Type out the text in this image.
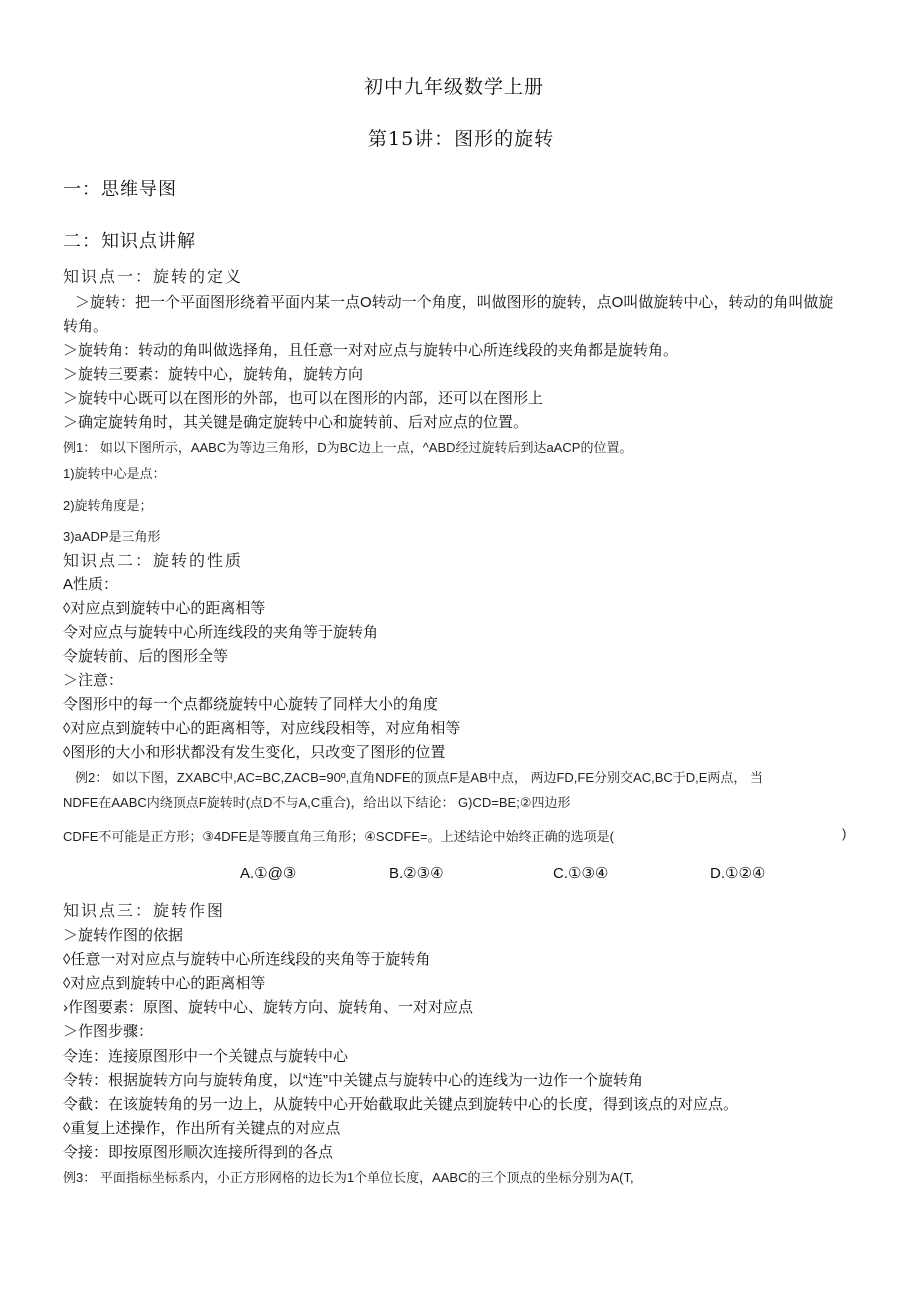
初中九年级数学上册
第15讲：图形的旋转
一：思维导图
二：知识点讲解
知识点一：旋转的定义
＞旋转：把一个平面图形绕着平面内某一点O转动一个角度，叫做图形的旋转，点O叫做旋转中心，转动的角叫做旋
转角。
＞旋转角：转动的角叫做选择角，且任意一对对应点与旋转中心所连线段的夹角都是旋转角。
＞旋转三要素：旋转中心，旋转角，旋转方向
＞旋转中心既可以在图形的外部，也可以在图形的内部，还可以在图形上
＞确定旋转角时，其关键是确定旋转中心和旋转前、后对应点的位置。
例1： 如以下图所示，AABC为等边三角形，D为BC边上一点，^ABD经过旋转后到达aACP的位置。
1)旋转中心是点：
2)旋转角度是；
3)aADP是三角形
知识点二：旋转的性质
A性质：
◊对应点到旋转中心的距离相等
令对应点与旋转中心所连线段的夹角等于旋转角
令旋转前、后的图形全等
＞注意：
令图形中的每一个点都绕旋转中心旋转了同样大小的角度
◊对应点到旋转中心的距离相等，对应线段相等，对应角相等
◊图形的大小和形状都没有发生变化，只改变了图形的位置
例2： 如以下图，ZXABC中,AC=BC,ZACB=90º,直角NDFE的顶点F是AB中点， 两边FD,FE分别交AC,BC于D,E两点， 当
NDFE在AABC内绕顶点F旋转时(点D不与A,C重合)，给出以下结论： G)CD=BE;②四边形
CDFE不可能是正方形；③4DFE是等腰直角三角形；④SCDFE=。上述结论中始终正确的选项是(	)
A.①@③	B.②③④	C.①③④	D.①②④
知识点三：旋转作图
＞旋转作图的依据
◊任意一对对应点与旋转中心所连线段的夹角等于旋转角
◊对应点到旋转中心的距离相等
›作图要素：原图、旋转中心、旋转方向、旋转角、一对对应点
＞作图步骤：
令连：连接原图形中一个关键点与旋转中心
令转：根据旋转方向与旋转角度，以“连”中关键点与旋转中心的连线为一边作一个旋转角
令截：在该旋转角的另一边上，从旋转中心开始截取此关键点到旋转中心的长度，得到该点的对应点。
◊重复上述操作，作出所有关键点的对应点
令接：即按原图形顺次连接所得到的各点
例3： 平面指标坐标系内，小正方形网格的边长为1个单位长度，AABC的三个顶点的坐标分别为A(T,
